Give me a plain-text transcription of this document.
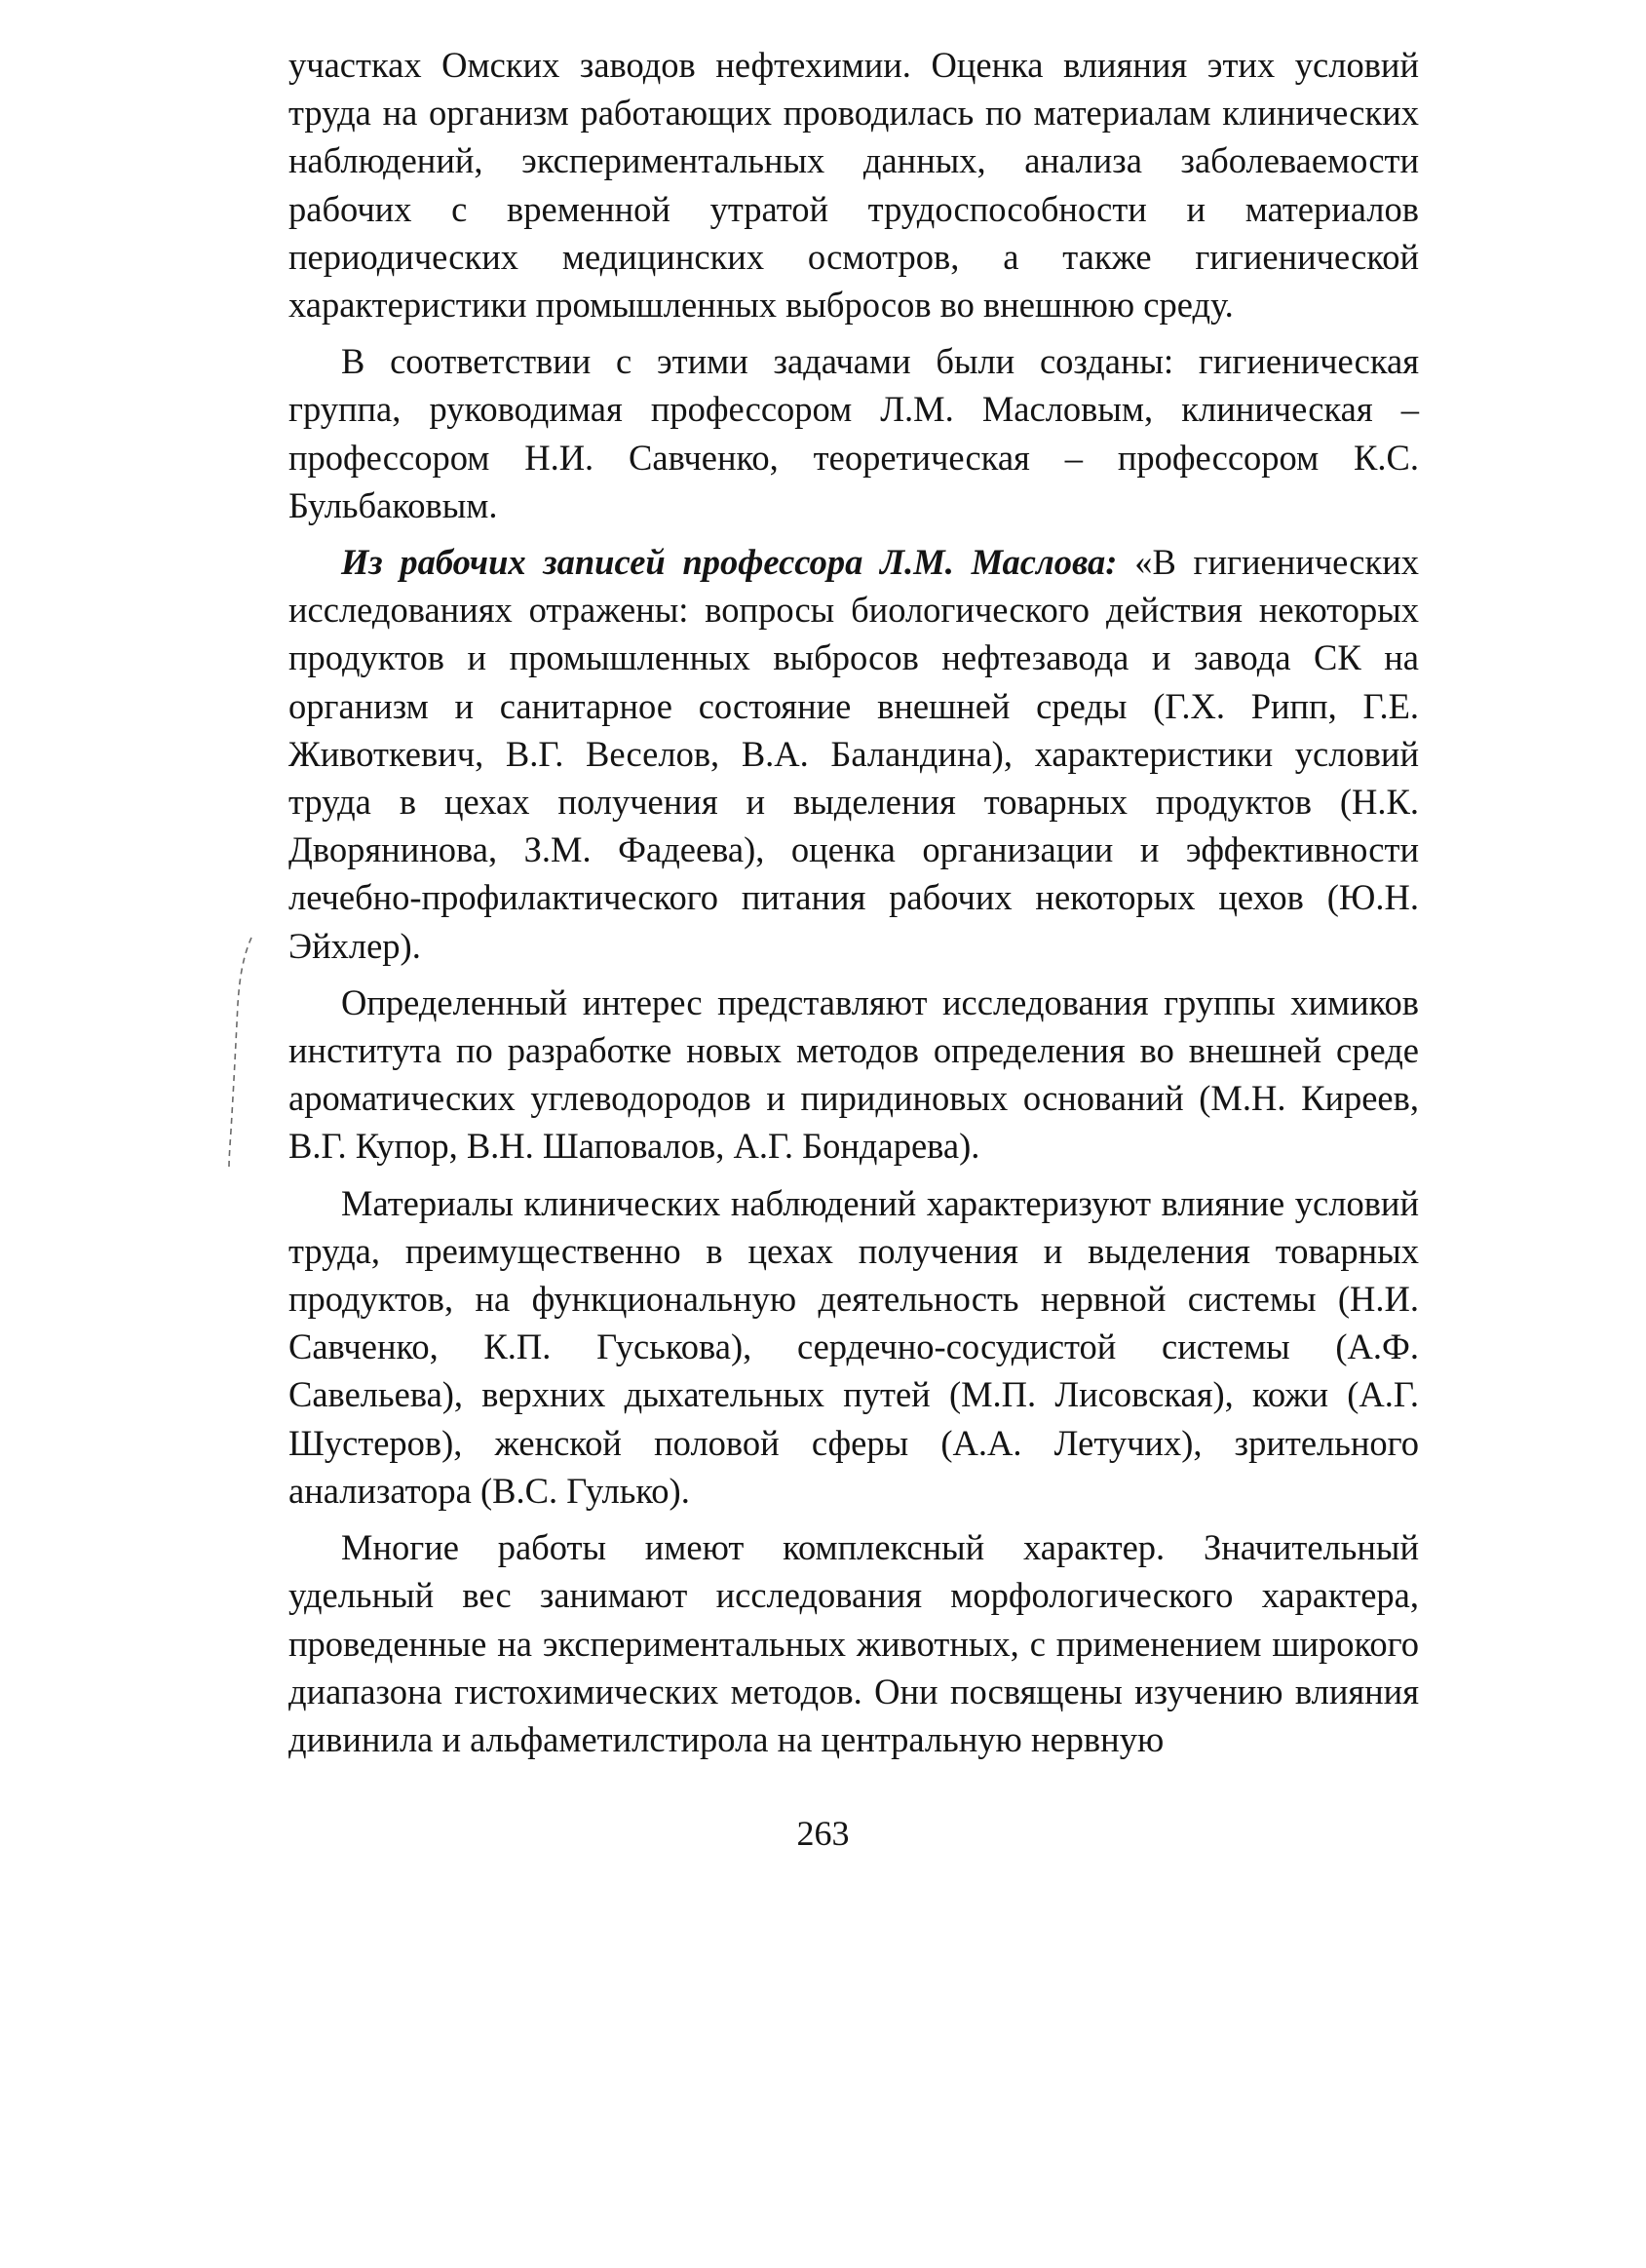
участках Омских заводов нефтехимии. Оценка влияния этих условий труда на организм работающих проводилась по материалам клинических наблюдений, экспериментальных данных, анализа заболеваемости рабочих с временной утратой трудоспособности и материалов периодических медицинских осмотров, а также гигиенической характеристики промышленных выбросов во внешнюю среду.

В соответствии с этими задачами были созданы: гигиеническая группа, руководимая профессором Л.М. Масловым, клиническая – профессором Н.И. Савченко, теоретическая – профессором К.С. Бульбаковым.

Из рабочих записей профессора Л.М. Маслова: «В гигиенических исследованиях отражены: вопросы биологического действия некоторых продуктов и промышленных выбросов нефтезавода и завода СК на организм и санитарное состояние внешней среды (Г.Х. Рипп, Г.Е. Животкевич, В.Г. Веселов, В.А. Баландина), характеристики условий труда в цехах получения и выделения товарных продуктов (Н.К. Дворянинова, З.М. Фадеева), оценка организации и эффективности лечебно-профилактического питания рабочих некоторых цехов (Ю.Н. Эйхлер).

Определенный интерес представляют исследования группы химиков института по разработке новых методов определения во внешней среде ароматических углеводородов и пиридиновых оснований (М.Н. Киреев, В.Г. Купор, В.Н. Шаповалов, А.Г. Бондарева).

Материалы клинических наблюдений характеризуют влияние условий труда, преимущественно в цехах получения и выделения товарных продуктов, на функциональную деятельность нервной системы (Н.И. Савченко, К.П. Гуськова), сердечно-сосудистой системы (А.Ф. Савельева), верхних дыхательных путей (М.П. Лисовская), кожи (А.Г. Шустеров), женской половой сферы (А.А. Летучих), зрительного анализатора (В.С. Гулько).

Многие работы имеют комплексный характер. Значительный удельный вес занимают исследования морфологического характера, проведенные на экспериментальных животных, с применением широкого диапазона гистохимических методов. Они посвящены изучению влияния дивинила и альфаметилстирола на центральную нервную

263
